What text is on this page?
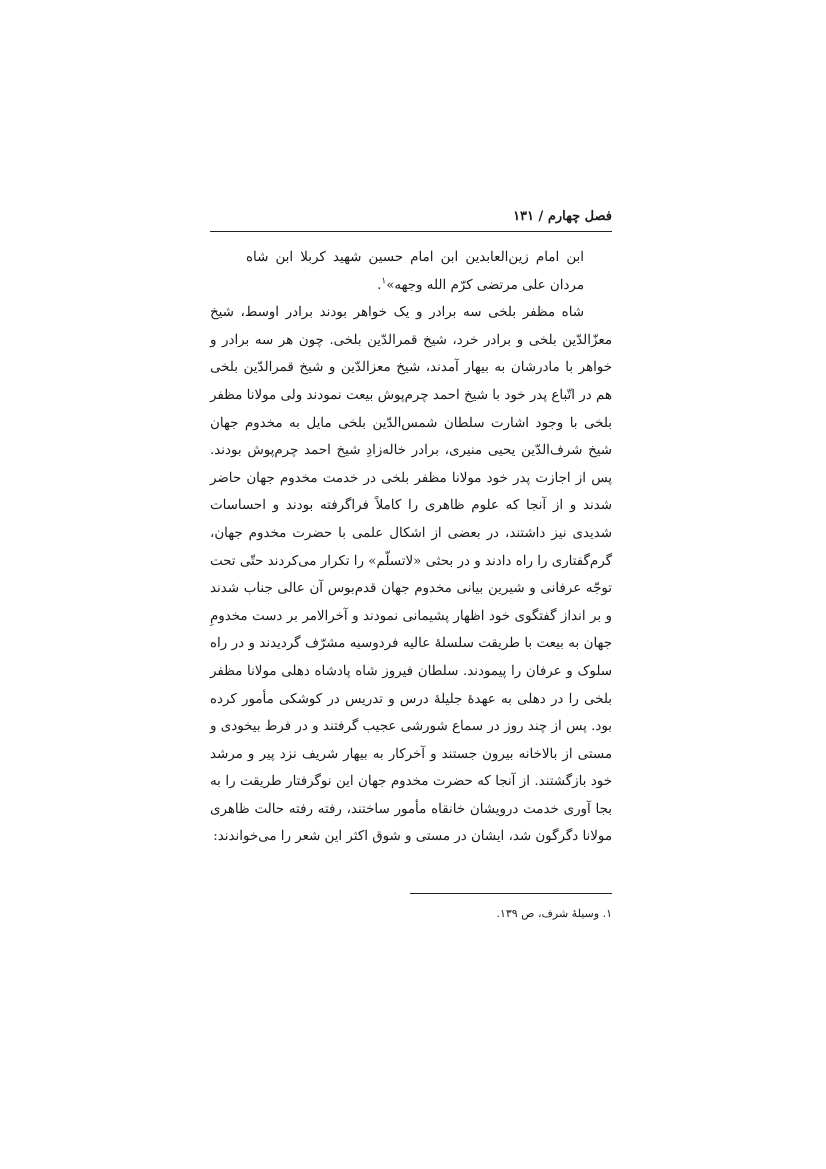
فصل چهارم / ۱۳۱

ابن امام زین‌العابدین ابن امام حسین شهید کربلا ابن شاه مردان علی مرتضی کرّم الله وجهه»$^۱$.

شاه مظفر بلخی سه برادر و یک خواهر بودند برادر اوسط، شیخ معزّالدّین بلخی و برادر خرد، شیخ قمرالدّین بلخی. چون هر سه برادر و خواهر با مادرشان به بیهار آمدند، شیخ معزالدّین و شیخ قمرالدّین بلخی هم در اتّباع پدر خود با شیخ احمد چرم‌پوش بیعت نمودند ولی مولانا مظفر بلخی با وجود اشارت سلطان شمس‌الدّین بلخی مایل به مخدوم جهان شیخ شرف‌الدّین یحیی منیری، برادر خاله‌زادِ شیخ احمد چرم‌پوش بودند. پس از اجازت پدر خود مولانا مظفر بلخی در خدمت مخدوم جهان حاضر شدند و از آنجا که علوم ظاهری را کاملاً فراگرفته بودند و احساسات شدیدی نیز داشتند، در بعضی از اشکال علمی با حضرت مخدوم جهان، گرم‌گفتاری را راه دادند و در بحثی «لاتسلّم» را تکرار می‌کردند حتّی تحت توجّه عرفانی و شیرین بیانی مخدوم جهان قدم‌بوس آن عالی جناب شدند و بر انداز گفتگوی خود اظهار پشیمانی نمودند و آخرالامر بر دست مخدومِ جهان به بیعت با طریقت سلسلهٔ عالیه فردوسیه مشرّف گردیدند و در راه سلوک و عرفان را پیمودند. سلطان فیروز شاه پادشاه دهلی مولانا مظفر بلخی را در دهلی به عهدهٔ جلیلهٔ درس و تدریس در کوشکی مأمور کرده بود. پس از چند روز در سماع شورشی عجیب گرفتند و در فرط بیخودی و مستی از بالاخانه بیرون جستند و آخرکار به بیهار شریف نزد پیر و مرشد خود بازگشتند. از آنجا که حضرت مخدوم جهان این نوگرفتار طریقت را به بجا آوری خدمت درویشان خانقاه مأمور ساختند، رفته رفته حالت ظاهری مولانا دگرگون شد، ایشان در مستی و شوق اکثر این شعر را می‌خواندند:

۱. وسیلهٔ شرف، ص ۱۳۹.
